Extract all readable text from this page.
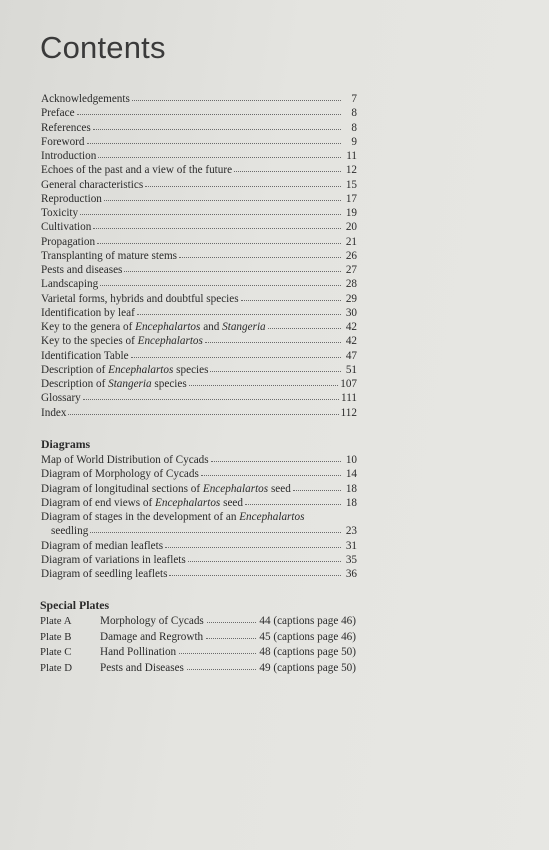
Contents
Acknowledgements	7
Preface	8
References	8
Foreword	9
Introduction	11
Echoes of the past and a view of the future	12
General characteristics	15
Reproduction	17
Toxicity	19
Cultivation	20
Propagation	21
Transplanting of mature stems	26
Pests and diseases	27
Landscaping	28
Varietal forms, hybrids and doubtful species	29
Identification by leaf	30
Key to the genera of Encephalartos and Stangeria	42
Key to the species of Encephalartos	42
Identification Table	47
Description of Encephalartos species	51
Description of Stangeria species	107
Glossary	111
Index	112
Diagrams
Map of World Distribution of Cycads	10
Diagram of Morphology of Cycads	14
Diagram of longitudinal sections of Encephalartos seed	18
Diagram of end views of Encephalartos seed	18
Diagram of stages in the development of an Encephalartos
seedling	23
Diagram of median leaflets	31
Diagram of variations in leaflets	35
Diagram of seedling leaflets	36
Special Plates
Plate A	Morphology of Cycads	44 (captions page 46)
Plate B	Damage and Regrowth	45 (captions page 46)
Plate C	Hand Pollination	48 (captions page 50)
Plate D	Pests and Diseases	49 (captions page 50)
